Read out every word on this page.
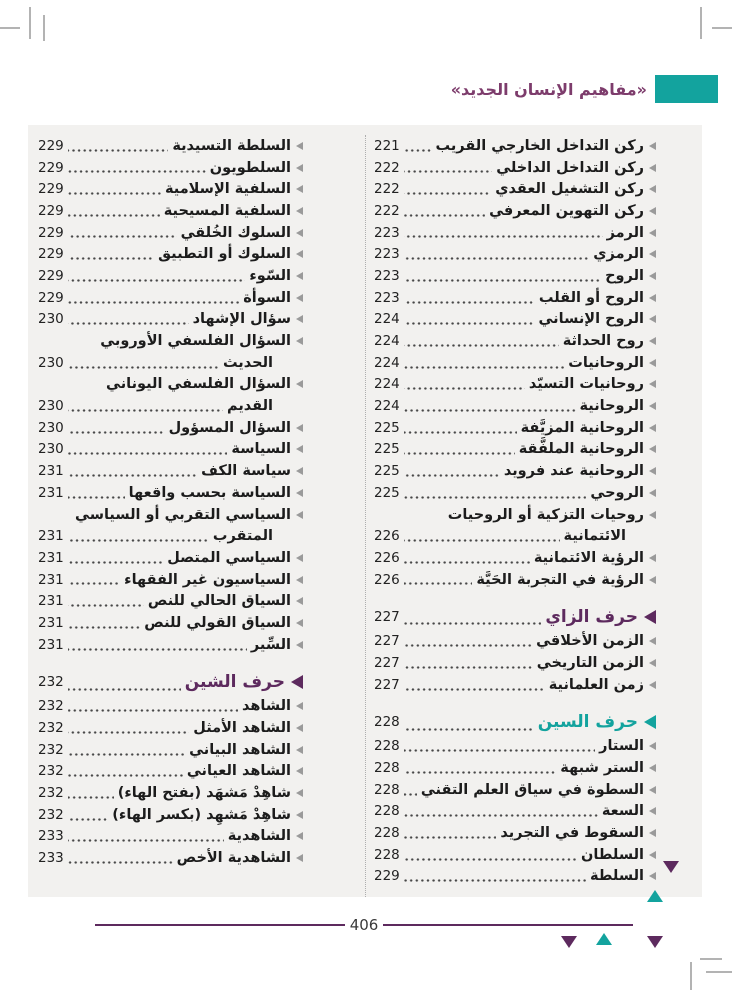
«مفاهيم الإنسان الجديد»
ركن التداخل الخارجي القريب
221
ركن التداخل الداخلي
222
ركن التشغيل العقدي
222
ركن التهوين المعرفي
222
الرمز
223
الرمزي
223
الروح
223
الروح أو القلب
223
الروح الإنساني
224
روح الحداثة
224
الروحانيات
224
روحانيات التسيّد
224
الروحانية
224
الروحانية المزيَّفة
225
الروحانية الملفَّقة
225
الروحانية عند فرويد
225
الروحي
225
روحيات التزكية أو الروحيات
الائتمانية
226
الرؤية الائتمانية
226
الرؤية في التجربة الحَيَّة
226
حرف الزاي
227
الزمن الأخلاقي
227
الزمن التاريخي
227
زمن العلمانية
227
حرف السين
228
الستار
228
الستر شبهة
228
السطوة في سياق العلم التقني
228
السعة
228
السقوط في التجريد
228
السلطان
228
السلطة
229
السلطة التسيدية
229
السلطويون
229
السلفية الإسلامية
229
السلفية المسيحية
229
السلوك الخُلقي
229
السلوك أو التطبيق
229
السّوء
229
السوأة
229
سؤال الإشهاد
230
السؤال الفلسفي الأوروبي
الحديث
230
السؤال الفلسفي اليوناني
القديم
230
السؤال المسؤول
230
السياسة
230
سياسة الكف
231
السياسة بحسب واقعها
231
السياسي التقربي أو السياسي
المتقرب
231
السياسي المتصل
231
السياسيون غير الفقهاء
231
السياق الحالي للنص
231
السياق القولي للنص
231
السِّير
231
حرف الشين
232
الشاهد
232
الشاهد الأمثل
232
الشاهد البياني
232
الشاهد العياني
232
شاهِدْ مَشهَد (بفتح الهاء)
232
شاهِدْ مَشهِد (بكسر الهاء)
232
الشاهدية
233
الشاهدية الأخص
233
406
